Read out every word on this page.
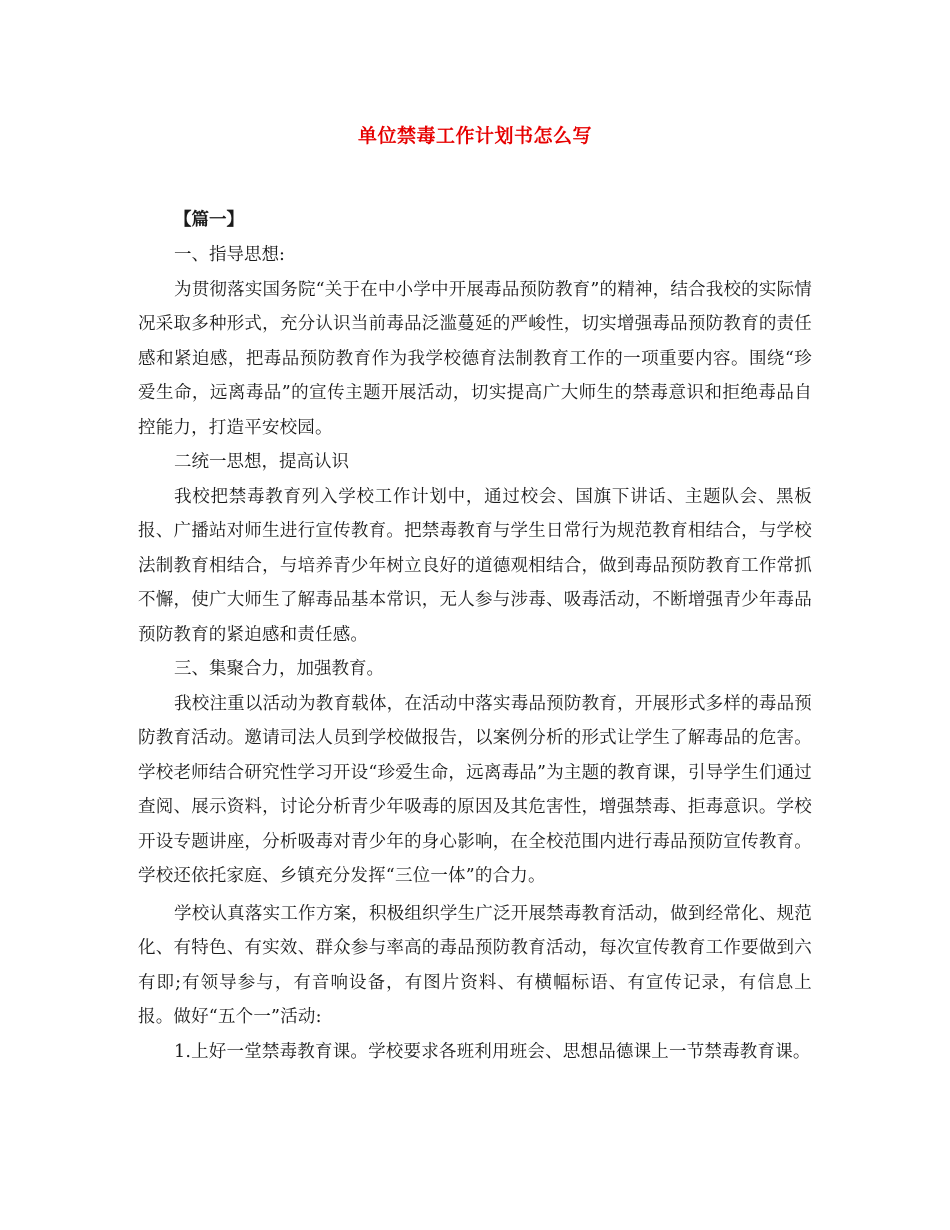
单位禁毒工作计划书怎么写
【篇一】
一、指导思想:
为贯彻落实国务院“关于在中小学中开展毒品预防教育”的精神，结合我校的实际情况采取多种形式，充分认识当前毒品泛滥蔓延的严峻性，切实增强毒品预防教育的责任感和紧迫感，把毒品预防教育作为我学校德育法制教育工作的一项重要内容。围绕“珍爱生命，远离毒品”的宣传主题开展活动，切实提高广大师生的禁毒意识和拒绝毒品自控能力，打造平安校园。
二统一思想，提高认识
我校把禁毒教育列入学校工作计划中，通过校会、国旗下讲话、主题队会、黑板报、广播站对师生进行宣传教育。把禁毒教育与学生日常行为规范教育相结合，与学校法制教育相结合，与培养青少年树立良好的道德观相结合，做到毒品预防教育工作常抓不懈，使广大师生了解毒品基本常识，无人参与涉毒、吸毒活动，不断增强青少年毒品预防教育的紧迫感和责任感。
三、集聚合力，加强教育。
我校注重以活动为教育载体，在活动中落实毒品预防教育，开展形式多样的毒品预防教育活动。邀请司法人员到学校做报告，以案例分析的形式让学生了解毒品的危害。学校老师结合研究性学习开设“珍爱生命，远离毒品”为主题的教育课，引导学生们通过查阅、展示资料，讨论分析青少年吸毒的原因及其危害性，增强禁毒、拒毒意识。学校开设专题讲座，分析吸毒对青少年的身心影响，在全校范围内进行毒品预防宣传教育。学校还依托家庭、乡镇充分发挥“三位一体”的合力。
学校认真落实工作方案，积极组织学生广泛开展禁毒教育活动，做到经常化、规范化、有特色、有实效、群众参与率高的毒品预防教育活动，每次宣传教育工作要做到六有即;有领导参与，有音响设备，有图片资料、有横幅标语、有宣传记录，有信息上报。做好“五个一”活动:
1.上好一堂禁毒教育课。学校要求各班利用班会、思想品德课上一节禁毒教育课。
